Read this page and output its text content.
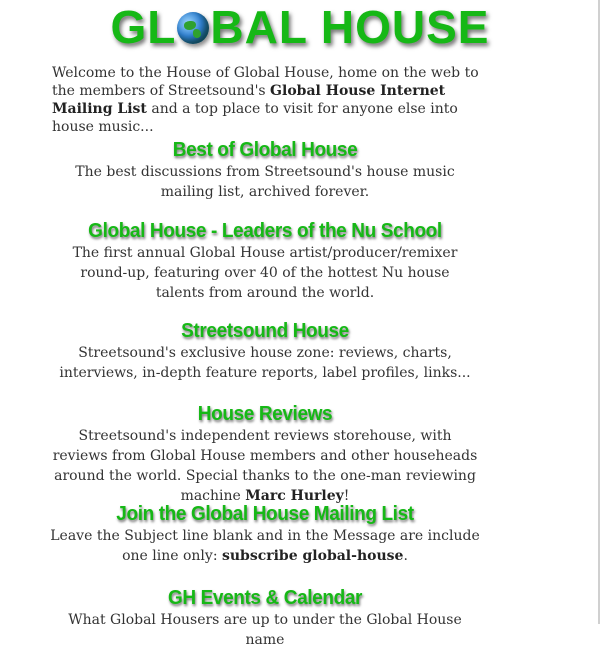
GL BAL HOUSE

Welcome to the House of Global House, home on the web to the members of Streetsound's Global House Internet Mailing List and a top place to visit for anyone else into house music...

Best of Global House

The best discussions from Streetsound's house music mailing list, archived forever.

Global House - Leaders of the Nu School

The first annual Global House artist/producer/remixer round-up, featuring over 40 of the hottest Nu house talents from around the world.

Streetsound House

Streetsound's exclusive house zone: reviews, charts, interviews, in-depth feature reports, label profiles, links...

House Reviews

Streetsound's independent reviews storehouse, with reviews from Global House members and other househeads around the world. Special thanks to the one-man reviewing machine Marc Hurley!

Join the Global House Mailing List

Leave the Subject line blank and in the Message are include one line only: subscribe global-house.

GH Events & Calendar

What Global Housers are up to under the Global House name
